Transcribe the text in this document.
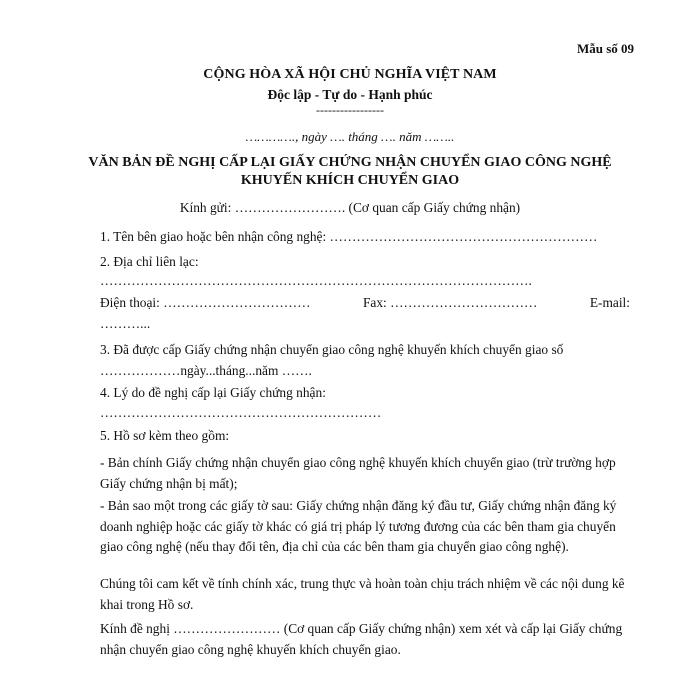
Mẫu số 09
CỘNG HÒA XÃ HỘI CHỦ NGHĨA VIỆT NAM
Độc lập - Tự do - Hạnh phúc
-----------------
…………., ngày …. tháng …. năm ……..
VĂN BẢN ĐỀ NGHỊ CẤP LẠI GIẤY CHỨNG NHẬN CHUYỂN GIAO CÔNG NGHỆ
KHUYẾN KHÍCH CHUYỂN GIAO
Kính gửi: ……………………. (Cơ quan cấp Giấy chứng nhận)

1. Tên bên giao hoặc bên nhận công nghệ: ……………………………………………………

2. Địa chỉ liên lạc:

…………………………………………………………………………………….

Điện thoại: ……………………………	Fax: ……………………………	E-mail:

………...

3. Đã được cấp Giấy chứng nhận chuyển giao công nghệ khuyến khích chuyển giao số ………………ngày...tháng...năm …….

4. Lý do đề nghị cấp lại Giấy chứng nhận:

………………………………………………………

5. Hồ sơ kèm theo gồm:

- Bản chính Giấy chứng nhận chuyển giao công nghệ khuyến khích chuyển giao (trừ trường hợp Giấy chứng nhận bị mất);

- Bản sao một trong các giấy tờ sau: Giấy chứng nhận đăng ký đầu tư, Giấy chứng nhận đăng ký doanh nghiệp hoặc các giấy tờ khác có giá trị pháp lý tương đương của các bên tham gia chuyển giao công nghệ (nếu thay đổi tên, địa chỉ của các bên tham gia chuyển giao công nghệ).

Chúng tôi cam kết về tính chính xác, trung thực và hoàn toàn chịu trách nhiệm về các nội dung kê khai trong Hồ sơ.

Kính đề nghị …………………… (Cơ quan cấp Giấy chứng nhận) xem xét và cấp lại Giấy chứng nhận chuyển giao công nghệ khuyến khích chuyển giao.
